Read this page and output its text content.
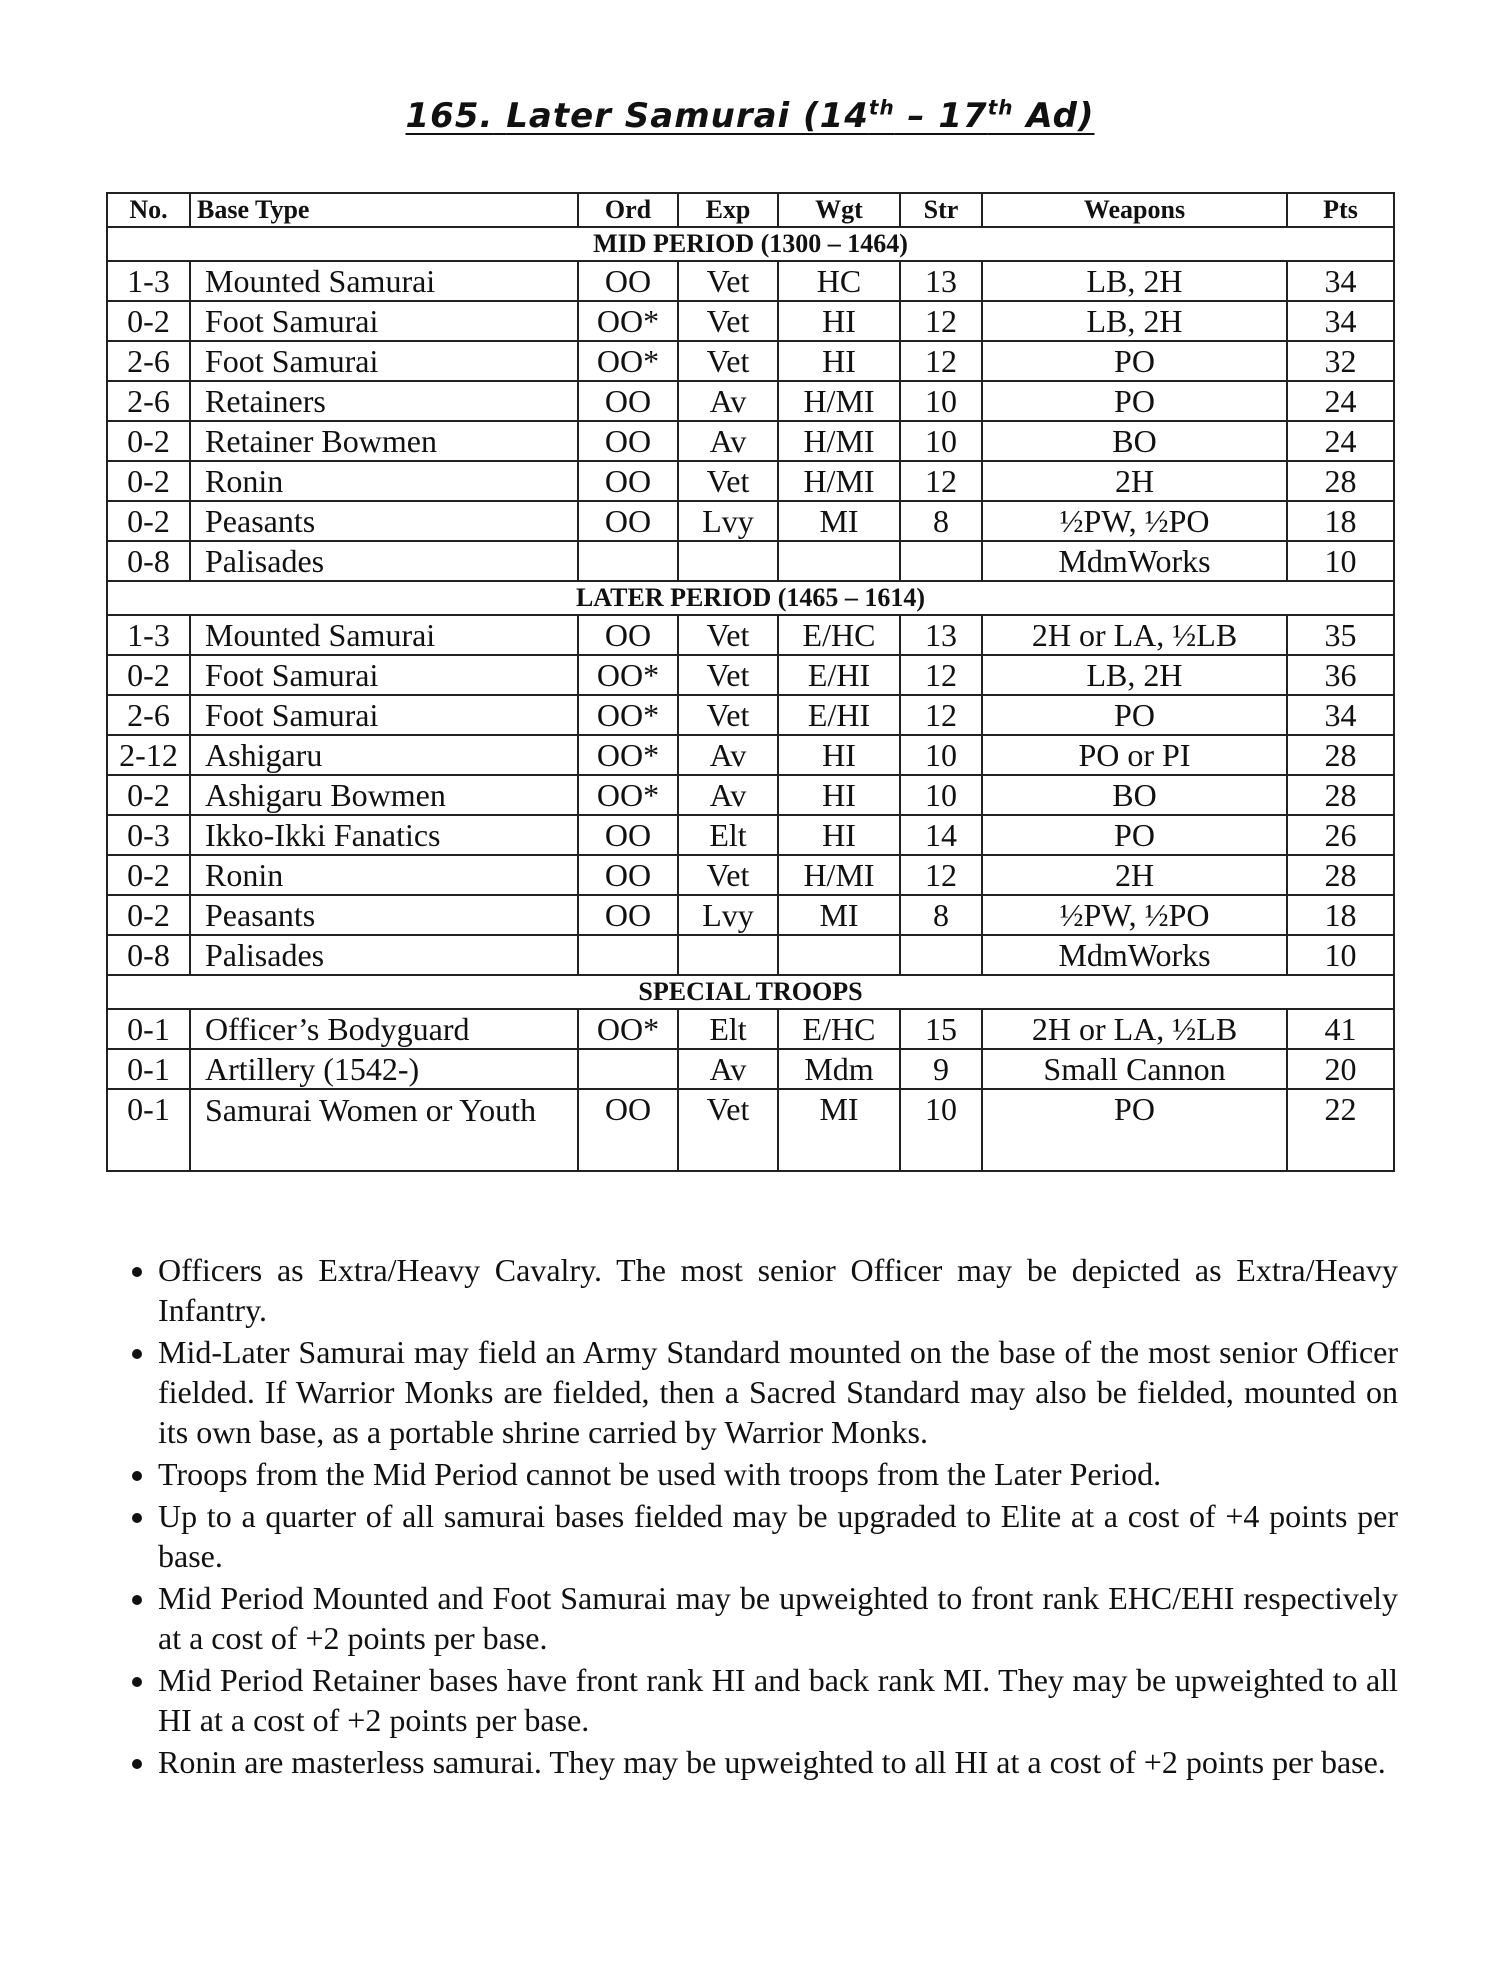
165. Later Samurai (14th – 17th Ad)
No.	Base Type	Ord	Exp	Wgt	Str	Weapons	Pts
MID PERIOD (1300 – 1464)							
1-3	Mounted Samurai	OO	Vet	HC	13	LB, 2H	34
0-2	Foot Samurai	OO*	Vet	HI	12	LB, 2H	34
2-6	Foot Samurai	OO*	Vet	HI	12	PO	32
2-6	Retainers	OO	Av	H/MI	10	PO	24
0-2	Retainer Bowmen	OO	Av	H/MI	10	BO	24
0-2	Ronin	OO	Vet	H/MI	12	2H	28
0-2	Peasants	OO	Lvy	MI	8	½PW, ½PO	18
0-8	Palisades					MdmWorks	10
LATER PERIOD (1465 – 1614)							
1-3	Mounted Samurai	OO	Vet	E/HC	13	2H or LA, ½LB	35
0-2	Foot Samurai	OO*	Vet	E/HI	12	LB, 2H	36
2-6	Foot Samurai	OO*	Vet	E/HI	12	PO	34
2-12	Ashigaru	OO*	Av	HI	10	PO or PI	28
0-2	Ashigaru Bowmen	OO*	Av	HI	10	BO	28
0-3	Ikko-Ikki Fanatics	OO	Elt	HI	14	PO	26
0-2	Ronin	OO	Vet	H/MI	12	2H	28
0-2	Peasants	OO	Lvy	MI	8	½PW, ½PO	18
0-8	Palisades					MdmWorks	10
SPECIAL TROOPS							
0-1	Officer’s Bodyguard	OO*	Elt	E/HC	15	2H or LA, ½LB	41
0-1	Artillery (1542-)		Av	Mdm	9	Small Cannon	20
0-1	Samurai Women or Youth	OO	Vet	MI	10	PO	22
• Officers as Extra/Heavy Cavalry. The most senior Officer may be depicted as Extra/Heavy Infantry.
• Mid-Later Samurai may field an Army Standard mounted on the base of the most senior Officer fielded. If Warrior Monks are fielded, then a Sacred Standard may also be fielded, mounted on its own base, as a portable shrine carried by Warrior Monks.
• Troops from the Mid Period cannot be used with troops from the Later Period.
• Up to a quarter of all samurai bases fielded may be upgraded to Elite at a cost of +4 points per base.
• Mid Period Mounted and Foot Samurai may be upweighted to front rank EHC/EHI respectively at a cost of +2 points per base.
• Mid Period Retainer bases have front rank HI and back rank MI. They may be upweighted to all HI at a cost of +2 points per base.
• Ronin are masterless samurai. They may be upweighted to all HI at a cost of +2 points per base.
